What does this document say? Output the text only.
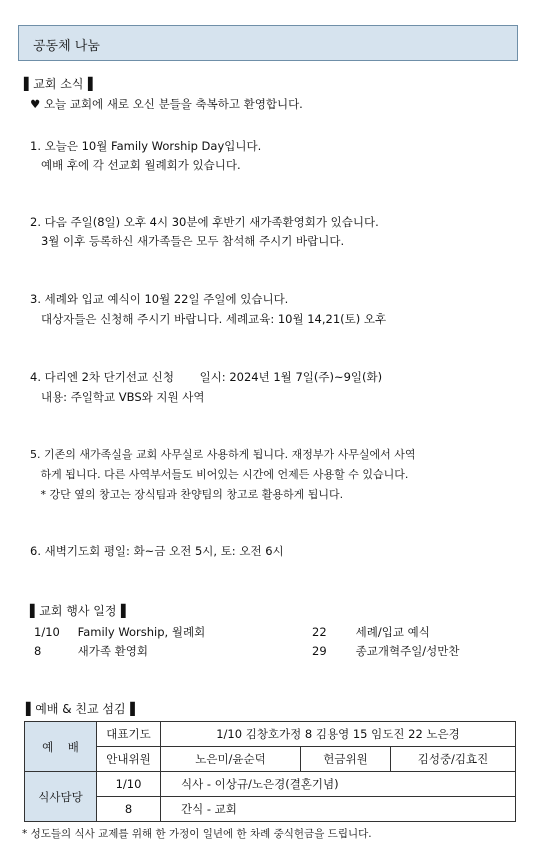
공동체 나눔
▌교회 소식▐
♥ 오늘 교회에 새로 오신 분들을 축복하고 환영합니다.
1. 오늘은 10월 Family Worship Day입니다.
예배 후에 각 선교회 월례회가 있습니다.
2. 다음 주일(8일) 오후 4시 30분에 후반기 새가족환영회가 있습니다.
3월 이후 등록하신 새가족들은 모두 참석해 주시기 바랍니다.
3. 세례와 입교 예식이 10월 22일 주일에 있습니다.
대상자들은 신청해 주시기 바랍니다. 세례교육: 10월 14,21(토) 오후
4. 다리엔 2차 단기선교 신청       일시: 2024년 1월 7일(주)~9일(화)
내용: 주일학교 VBS와 지원 사역
5. 기존의 새가족실을 교회 사무실로 사용하게 됩니다. 재정부가 사무실에서 사역
하게 됩니다. 다른 사역부서들도 비어있는 시간에 언제든 사용할 수 있습니다.
* 강단 옆의 창고는 장식팀과 찬양팀의 창고로 활용하게 됩니다.
6. 새벽기도회 평일: 화~금 오전 5시, 토: 오전 6시
▌교회 행사 일정▐
1/10 Family Worship, 월례회	22	세례/입교 예식
8	새가족 환영회	29	종교개혁주일/성만찬
▌예배 & 친교 섬김▐
예    배	대표기도	1/10 김창호가정 8 김용영 15 임도진 22 노은경		
	안내위원	노은미/윤순덕	헌금위원	김성중/김효진
식사담당	1/10	식사 - 이상규/노은경(결혼기념)		
	8	간식 - 교회		
* 성도들의 식사 교제를 위해 한 가정이 일년에 한 차례 중식헌금을 드립니다.
